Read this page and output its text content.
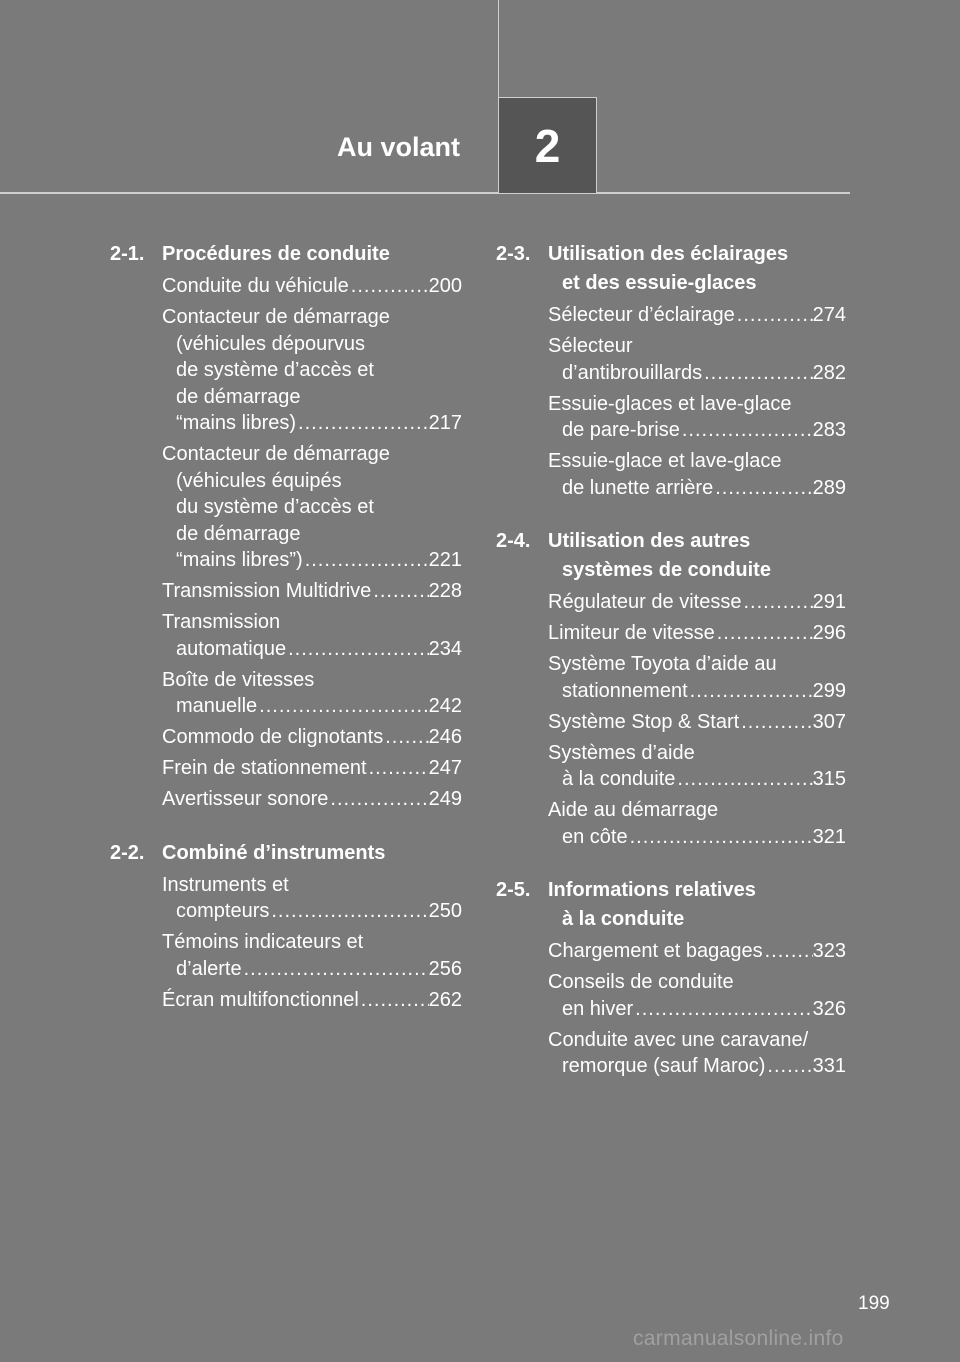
Au volant 2
2-1. Procédures de conduite
Conduite du véhicule .....	200
Contacteur de démarrage
(véhicules dépourvus
de système d’accès et
de démarrage
“mains libres) .....	217
Contacteur de démarrage
(véhicules équipés
du système d’accès et
de démarrage
“mains libres”) .....	221
Transmission Multidrive .....	228
Transmission
automatique .....	234
Boîte de vitesses
manuelle .....	242
Commodo de clignotants ..... 246
Frein de stationnement .....	247
Avertisseur sonore .....	249
2-2. Combiné d’instruments
Instruments et
compteurs .....	250
Témoins indicateurs et
d’alerte .....	256
Écran multifonctionnel .....	262
2-3. Utilisation des éclairages
et des essuie-glaces
Sélecteur d’éclairage .....	274
Sélecteur
d’antibrouillards .....	282
Essuie-glaces et lave-glace
de pare-brise .....	283
Essuie-glace et lave-glace
de lunette arrière .....	289
2-4. Utilisation des autres
systèmes de conduite
Régulateur de vitesse .....	291
Limiteur de vitesse .....	296
Système Toyota d’aide au
stationnement .....	299
Système Stop & Start .....	307
Systèmes d’aide
à la conduite .....	315
Aide au démarrage
en côte .....	321
2-5. Informations relatives
à la conduite
Chargement et bagages .....	323
Conseils de conduite
en hiver .....	326
Conduite avec une caravane/
remorque (sauf Maroc) ..... 331
199
carmanualsonline.info
